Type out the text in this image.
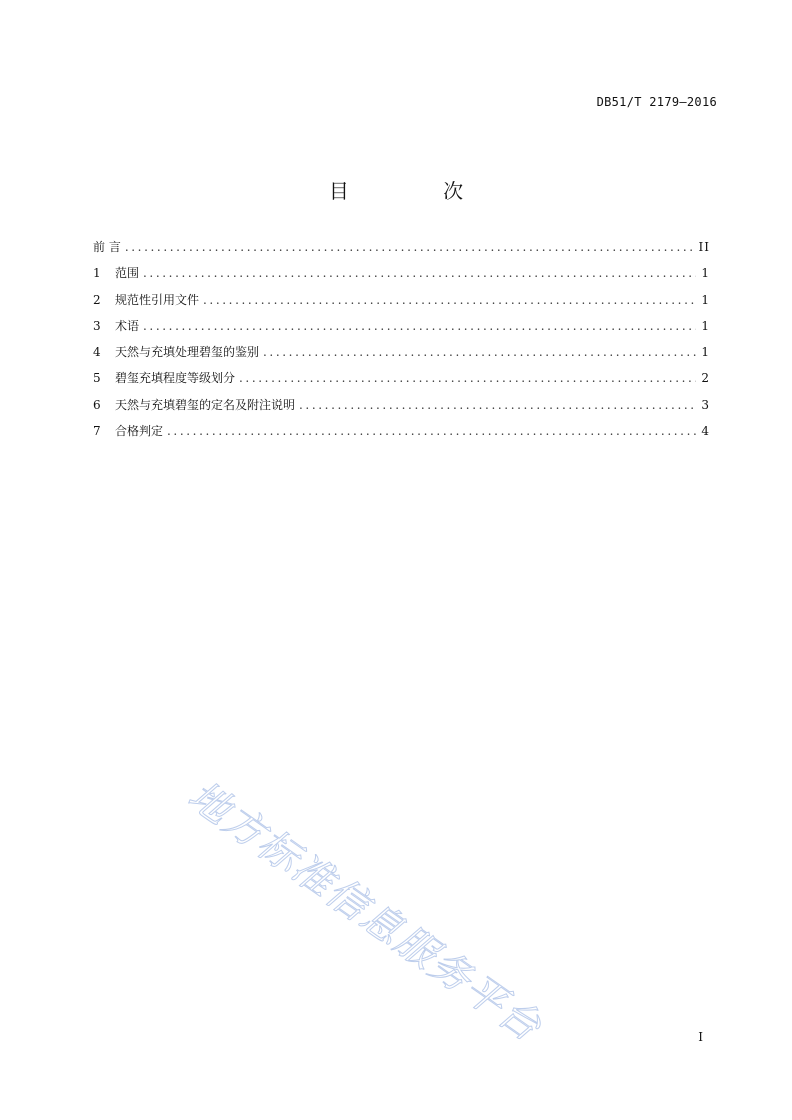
DB51/T 2179—2016
目 次
前 言 .....	II
1	范围 .....	1
2	规范性引用文件 .....	1
3	术语 .....	1
4	天然与充填处理碧玺的鉴别 .....	1
5	碧玺充填程度等级划分 .....	2
6	天然与充填碧玺的定名及附注说明 .....	3
7	合格判定 .....	4
地方标准信息服务平台	I
